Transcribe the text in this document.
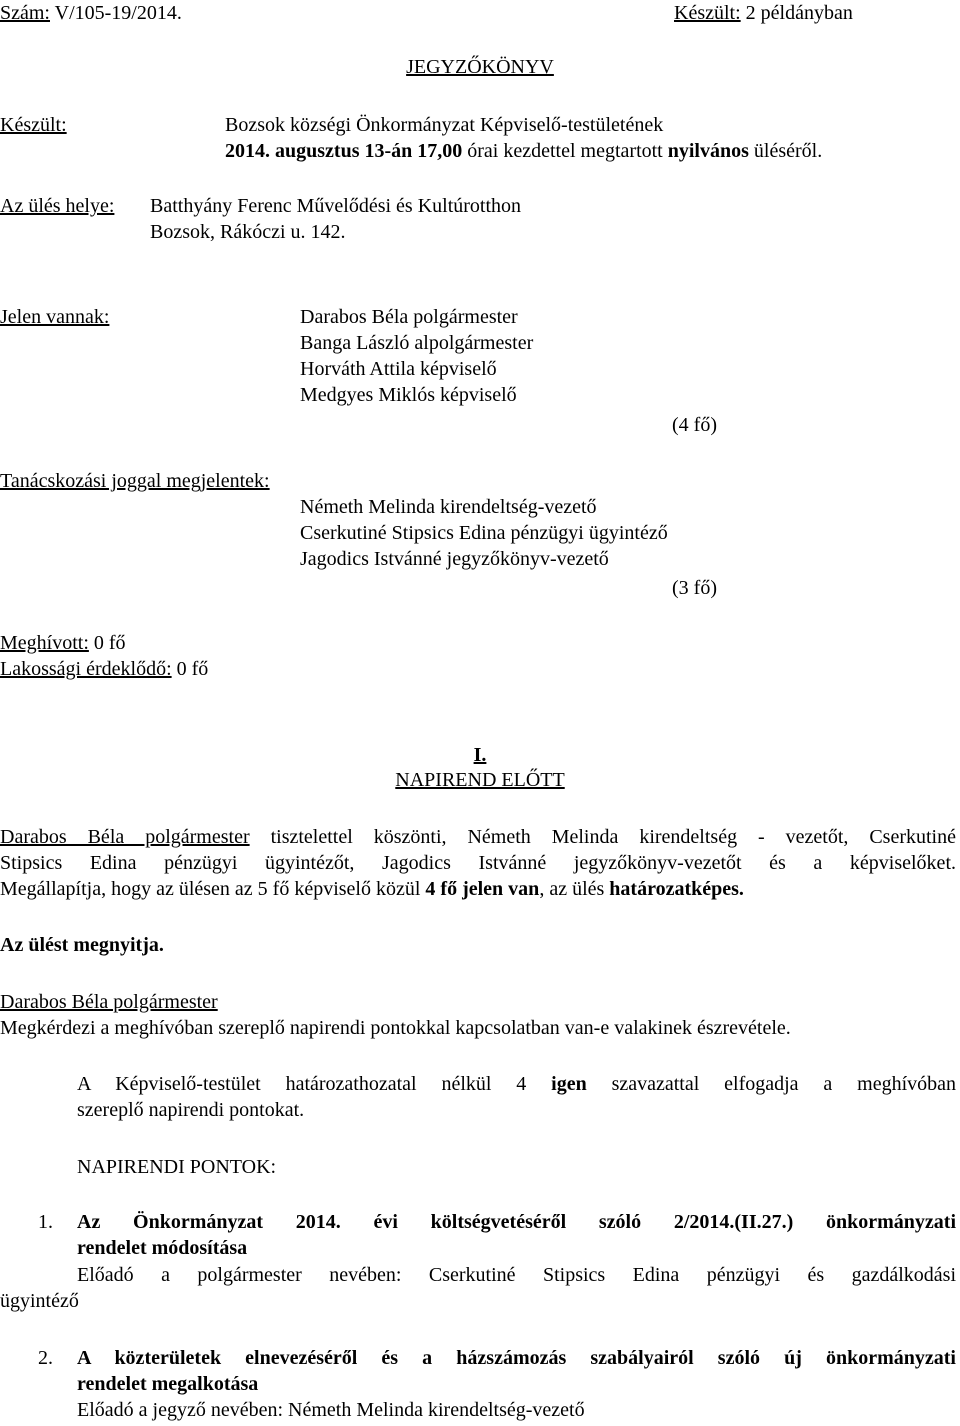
Szám: V/105-19/2014.	Készült: 2 példányban
JEGYZŐKÖNYV
Készült:	Bozsok községi Önkormányzat Képviselő-testületének
2014. augusztus 13-án 17,00 órai kezdettel megtartott nyilvános üléséről.
Az ülés helye: Batthyány Ferenc Művelődési és Kultúrotthon
Bozsok, Rákóczi u. 142.
Jelen vannak:	Darabos Béla polgármester
Banga László alpolgármester
Horváth Attila képviselő
Medgyes Miklós képviselő
(4 fő)
Tanácskozási joggal megjelentek:
Németh Melinda kirendeltség-vezető
Cserkutiné Stipsics Edina pénzügyi ügyintéző
Jagodics Istvánné jegyzőkönyv-vezető
(3 fő)
Meghívott: 0 fő
Lakossági érdeklődő: 0 fő
I.
NAPIREND ELŐTT
Darabos Béla polgármester tisztelettel köszönti, Németh Melinda kirendeltség - vezetőt, Cserkutiné
Stipsics Edina pénzügyi ügyintézőt, Jagodics Istvánné jegyzőkönyv-vezetőt és a képviselőket.
Megállapítja, hogy az ülésen az 5 fő képviselő közül 4 fő jelen van, az ülés határozatképes.
Az ülést megnyitja.
Darabos Béla polgármester
Megkérdezi a meghívóban szereplő napirendi pontokkal kapcsolatban van-e valakinek észrevétele.
A Képviselő-testület határozathozatal nélkül 4 igen szavazattal elfogadja a meghívóban
szereplő napirendi pontokat.
NAPIRENDI PONTOK:
1. Az Önkormányzat 2014. évi költségvetéséről szóló 2/2014.(II.27.) önkormányzati
rendelet módosítása
Előadó a polgármester nevében: Cserkutiné Stipsics Edina pénzügyi és gazdálkodási
ügyintéző
2. A közterületek elnevezéséről és a házszámozás szabályairól szóló új önkormányzati
rendelet megalkotása
Előadó a jegyző nevében: Németh Melinda kirendeltség-vezető
